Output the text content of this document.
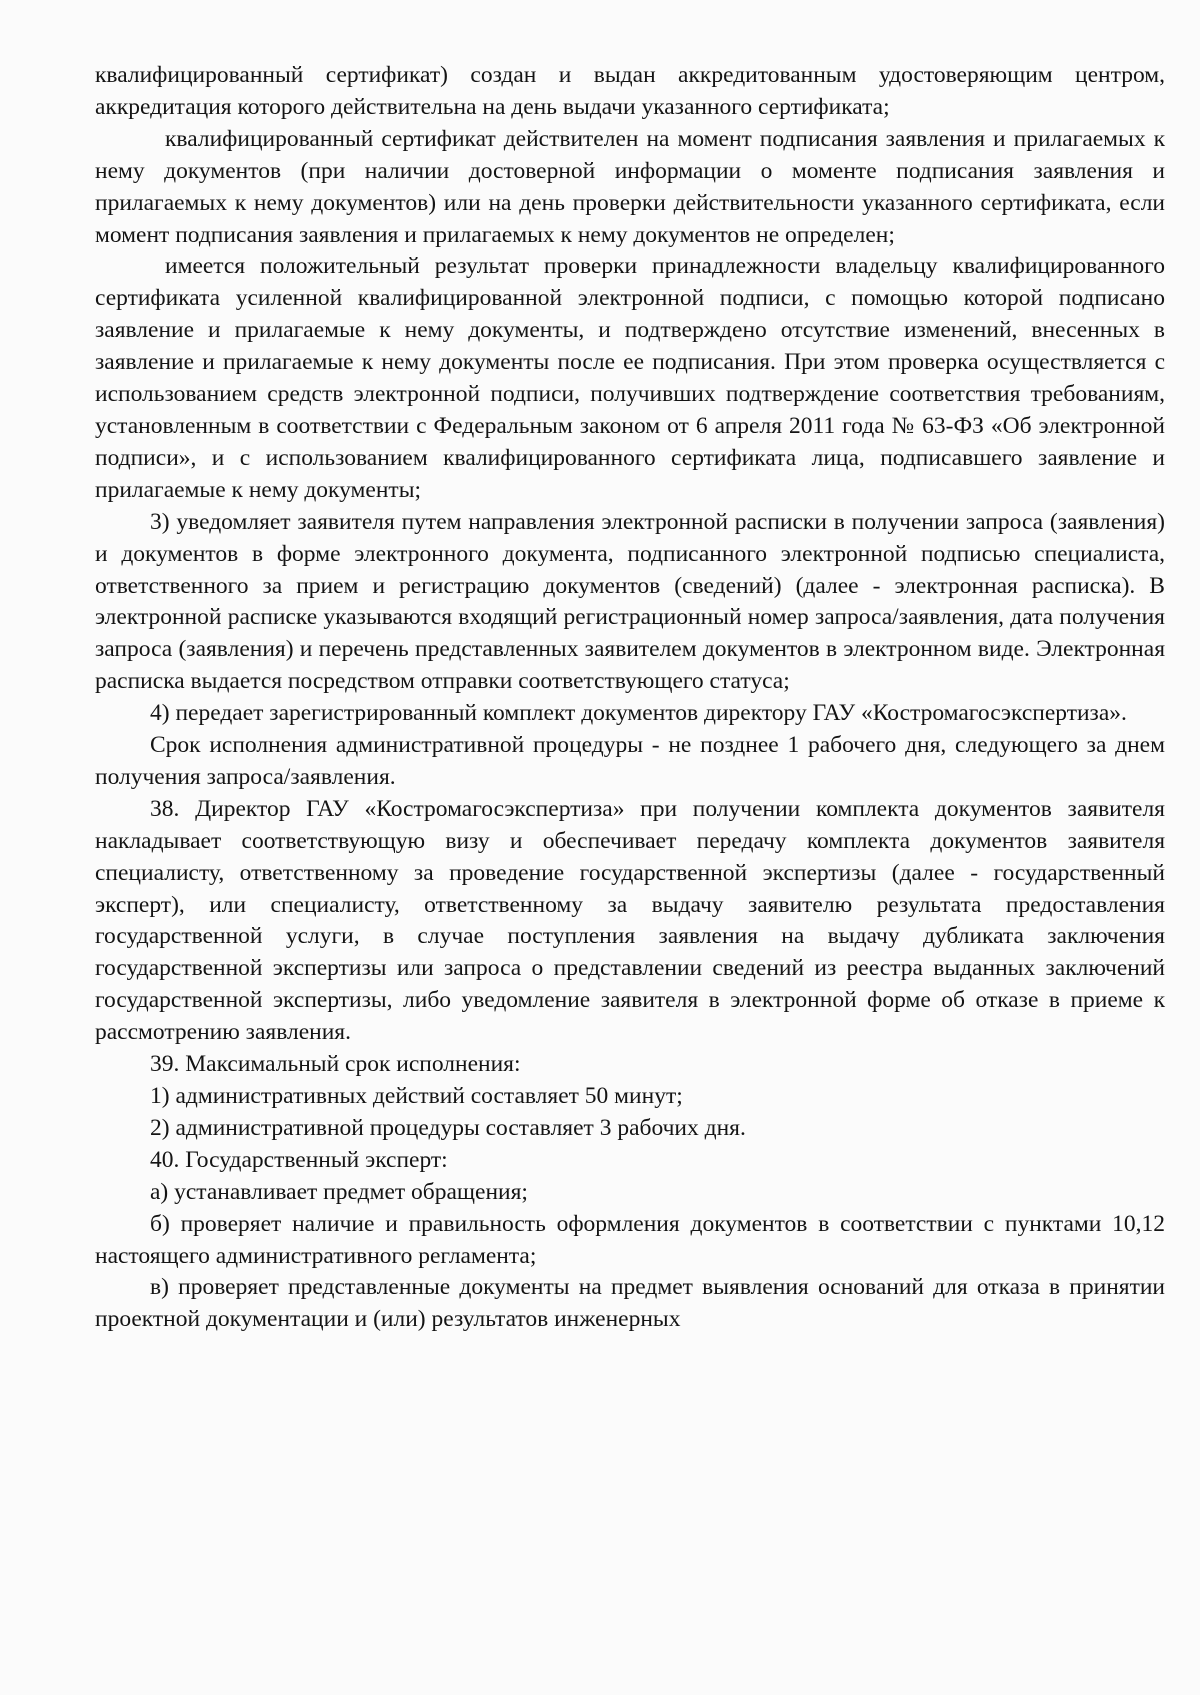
квалифицированный сертификат) создан и выдан аккредитованным удостоверяющим центром, аккредитация которого действительна на день выдачи указанного сертификата;

квалифицированный сертификат действителен на момент подписания заявления и прилагаемых к нему документов (при наличии достоверной информации о моменте подписания заявления и прилагаемых к нему документов) или на день проверки действительности указанного сертификата, если момент подписания заявления и прилагаемых к нему документов не определен;

имеется положительный результат проверки принадлежности владельцу квалифицированного сертификата усиленной квалифицированной электронной подписи, с помощью которой подписано заявление и прилагаемые к нему документы, и подтверждено отсутствие изменений, внесенных в заявление и прилагаемые к нему документы после ее подписания. При этом проверка осуществляется с использованием средств электронной подписи, получивших подтверждение соответствия требованиям, установленным в соответствии с Федеральным законом от 6 апреля 2011 года № 63-ФЗ «Об электронной подписи», и с использованием квалифицированного сертификата лица, подписавшего заявление и прилагаемые к нему документы;

3) уведомляет заявителя путем направления электронной расписки в получении запроса (заявления) и документов в форме электронного документа, подписанного электронной подписью специалиста, ответственного за прием и регистрацию документов (сведений) (далее - электронная расписка). В электронной расписке указываются входящий регистрационный номер запроса/заявления, дата получения запроса (заявления) и перечень представленных заявителем документов в электронном виде. Электронная расписка выдается посредством отправки соответствующего статуса;

4) передает зарегистрированный комплект документов директору ГАУ «Костромагосэкспертиза».

Срок исполнения административной процедуры - не позднее 1 рабочего дня, следующего за днем получения запроса/заявления.

38. Директор ГАУ «Костромагосэкспертиза» при получении комплекта документов заявителя накладывает соответствующую визу и обеспечивает передачу комплекта документов заявителя специалисту, ответственному за проведение государственной экспертизы (далее - государственный эксперт), или специалисту, ответственному за выдачу заявителю результата предоставления государственной услуги, в случае поступления заявления на выдачу дубликата заключения государственной экспертизы или запроса о представлении сведений из реестра выданных заключений государственной экспертизы, либо уведомление заявителя в электронной форме об отказе в приеме к рассмотрению заявления.

39. Максимальный срок исполнения:

1) административных действий составляет 50 минут;

2) административной процедуры составляет 3 рабочих дня.

40. Государственный эксперт:

а) устанавливает предмет обращения;

б) проверяет наличие и правильность оформления документов в соответствии с пунктами 10,12 настоящего административного регламента;

в) проверяет представленные документы на предмет выявления оснований для отказа в принятии проектной документации и (или) результатов инженерных
